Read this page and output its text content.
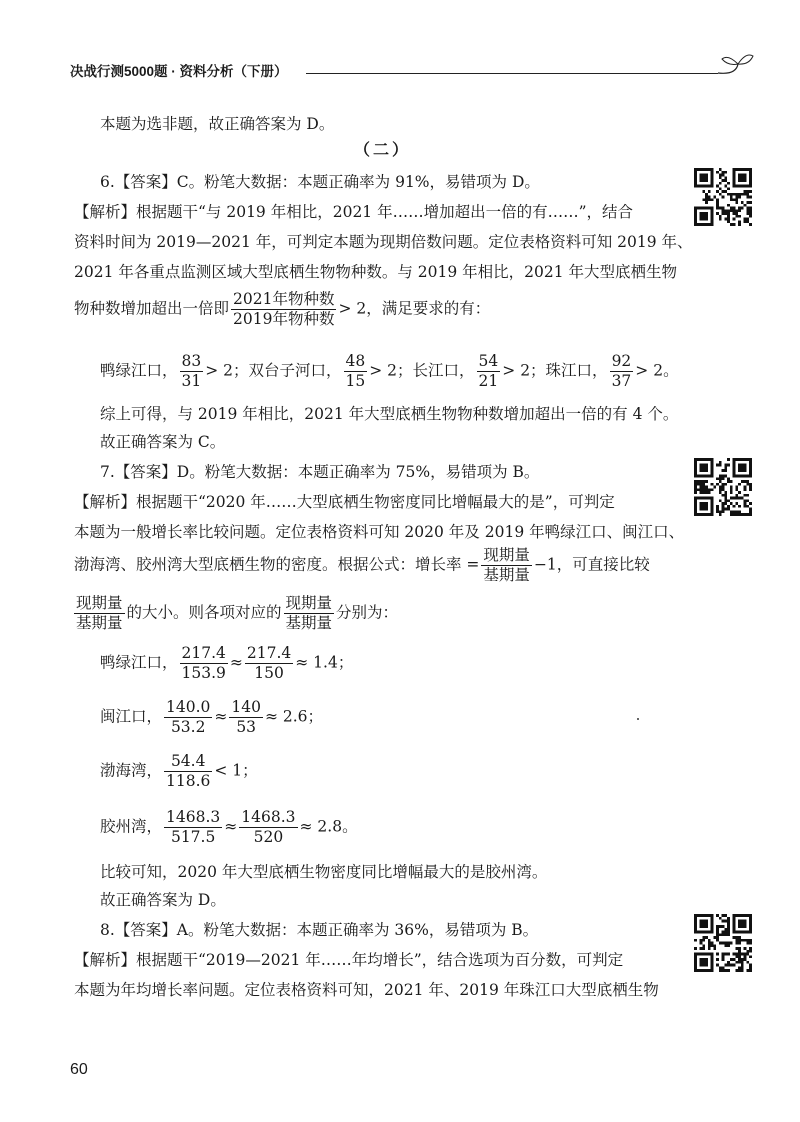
决战行测5000题 · 资料分析（下册）
本题为选非题，故正确答案为 D。
（二）
6.【答案】C。粉笔大数据：本题正确率为 91%，易错项为 D。
【解析】根据题干“与 2019 年相比，2021 年……增加超出一倍的有……”，结合
资料时间为 2019—2021 年，可判定本题为现期倍数问题。定位表格资料可知 2019 年、
2021 年各重点监测区域大型底栖生物物种数。与 2019 年相比，2021 年大型底栖生物
物种数增加超出一倍即 $\frac{\text{2021年物种数}}{\text{2019年物种数}} > 2$，满足要求的有：
鸭绿江口， $\frac{83}{31} > 2$；双台子河口， $\frac{48}{15} > 2$；长江口， $\frac{54}{21} > 2$；珠江口， $\frac{92}{37} > 2$。
综上可得，与 2019 年相比，2021 年大型底栖生物物种数增加超出一倍的有 4 个。
故正确答案为 C。
7.【答案】D。粉笔大数据：本题正确率为 75%，易错项为 B。
【解析】根据题干“2020 年……大型底栖生物密度同比增幅最大的是”，可判定
本题为一般增长率比较问题。定位表格资料可知 2020 年及 2019 年鸭绿江口、闽江口、
渤海湾、胶州湾大型底栖生物的密度。根据公式：增长率 = $\frac{\text{现期量}}{\text{基期量}} -1$，可直接比较
$\frac{\text{现期量}}{\text{基期量}}$ 的大小。则各项对应的 $\frac{\text{现期量}}{\text{基期量}}$ 分别为：
鸭绿江口， $\frac{217.4}{153.9} \approx \frac{217.4}{150} \approx 1.4$；
闽江口， $\frac{140.0}{53.2} \approx \frac{140}{53} \approx 2.6$；
渤海湾， $\frac{54.4}{118.6} < 1$；
胶州湾， $\frac{1468.3}{517.5} \approx \frac{1468.3}{520} \approx 2.8$。
比较可知，2020 年大型底栖生物密度同比增幅最大的是胶州湾。
故正确答案为 D。
8.【答案】A。粉笔大数据：本题正确率为 36%，易错项为 B。
【解析】根据题干“2019—2021 年……年均增长”，结合选项为百分数，可判定
本题为年均增长率问题。定位表格资料可知，2021 年、2019 年珠江口大型底栖生物
60
